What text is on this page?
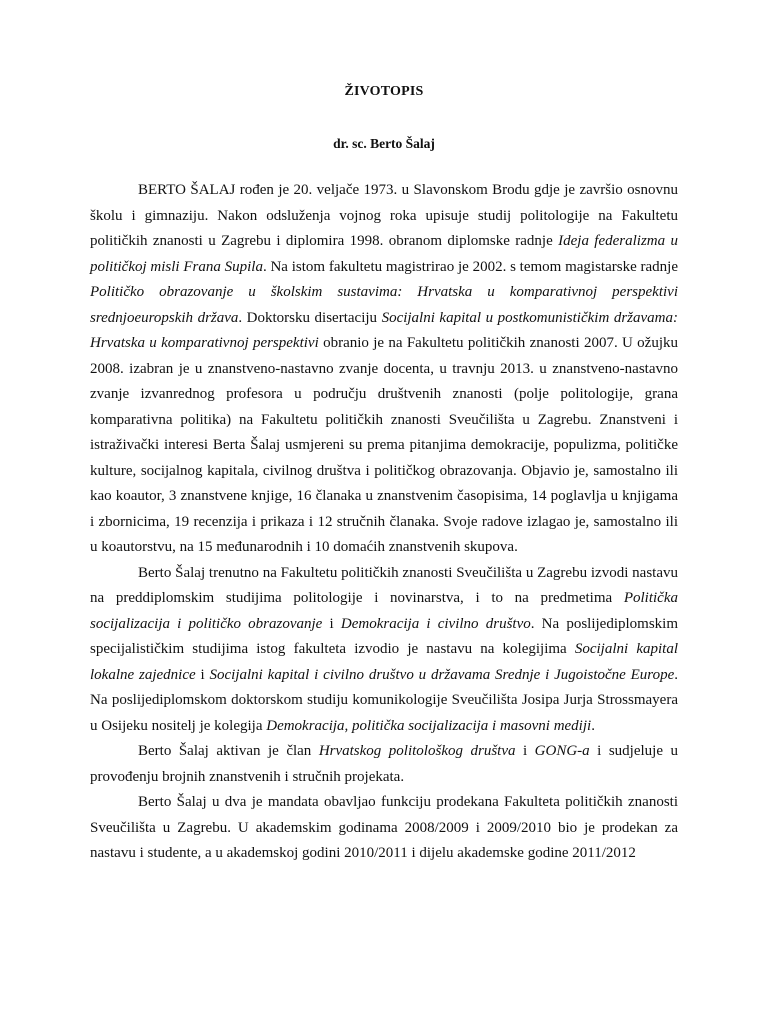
ŽIVOTOPIS
dr. sc. Berto Šalaj

BERTO ŠALAJ rođen je 20. veljače 1973. u Slavonskom Brodu gdje je završio osnovnu školu i gimnaziju. Nakon odsluženja vojnog roka upisuje studij politologije na Fakultetu političkih znanosti u Zagrebu i diplomira 1998. obranom diplomske radnje Ideja federalizma u političkoj misli Frana Supila. Na istom fakultetu magistrirao je 2002. s temom magistarske radnje Političko obrazovanje u školskim sustavima: Hrvatska u komparativnoj perspektivi srednjoeuropskih država. Doktorsku disertaciju Socijalni kapital u postkomunističkim državama: Hrvatska u komparativnoj perspektivi obranio je na Fakultetu političkih znanosti 2007. U ožujku 2008. izabran je u znanstveno-nastavno zvanje docenta, u travnju 2013. u znanstveno-nastavno zvanje izvanrednog profesora u području društvenih znanosti (polje politologije, grana komparativna politika) na Fakultetu političkih znanosti Sveučilišta u Zagrebu. Znanstveni i istraživački interesi Berta Šalaj usmjereni su prema pitanjima demokracije, populizma, političke kulture, socijalnog kapitala, civilnog društva i političkog obrazovanja. Objavio je, samostalno ili kao koautor, 3 znanstvene knjige, 16 članaka u znanstvenim časopisima, 14 poglavlja u knjigama i zbornicima, 19 recenzija i prikaza i 12 stručnih članaka. Svoje radove izlagao je, samostalno ili u koautorstvu, na 15 međunarodnih i 10 domaćih znanstvenih skupova.

Berto Šalaj trenutno na Fakultetu političkih znanosti Sveučilišta u Zagrebu izvodi nastavu na preddiplomskim studijima politologije i novinarstva, i to na predmetima Politička socijalizacija i političko obrazovanje i Demokracija i civilno društvo. Na poslijediplomskim specijalističkim studijima istog fakulteta izvodio je nastavu na kolegijima Socijalni kapital lokalne zajednice i Socijalni kapital i civilno društvo u državama Srednje i Jugoistočne Europe. Na poslijediplomskom doktorskom studiju komunikologije Sveučilišta Josipa Jurja Strossmayera u Osijeku nositelj je kolegija Demokracija, politička socijalizacija i masovni mediji.

Berto Šalaj aktivan je član Hrvatskog politološkog društva i GONG-a i sudjeluje u provođenju brojnih znanstvenih i stručnih projekata.

Berto Šalaj u dva je mandata obavljao funkciju prodekana Fakulteta političkih znanosti Sveučilišta u Zagrebu. U akademskim godinama 2008/2009 i 2009/2010 bio je prodekan za nastavu i studente, a u akademskoj godini 2010/2011 i dijelu akademske godine 2011/2012
